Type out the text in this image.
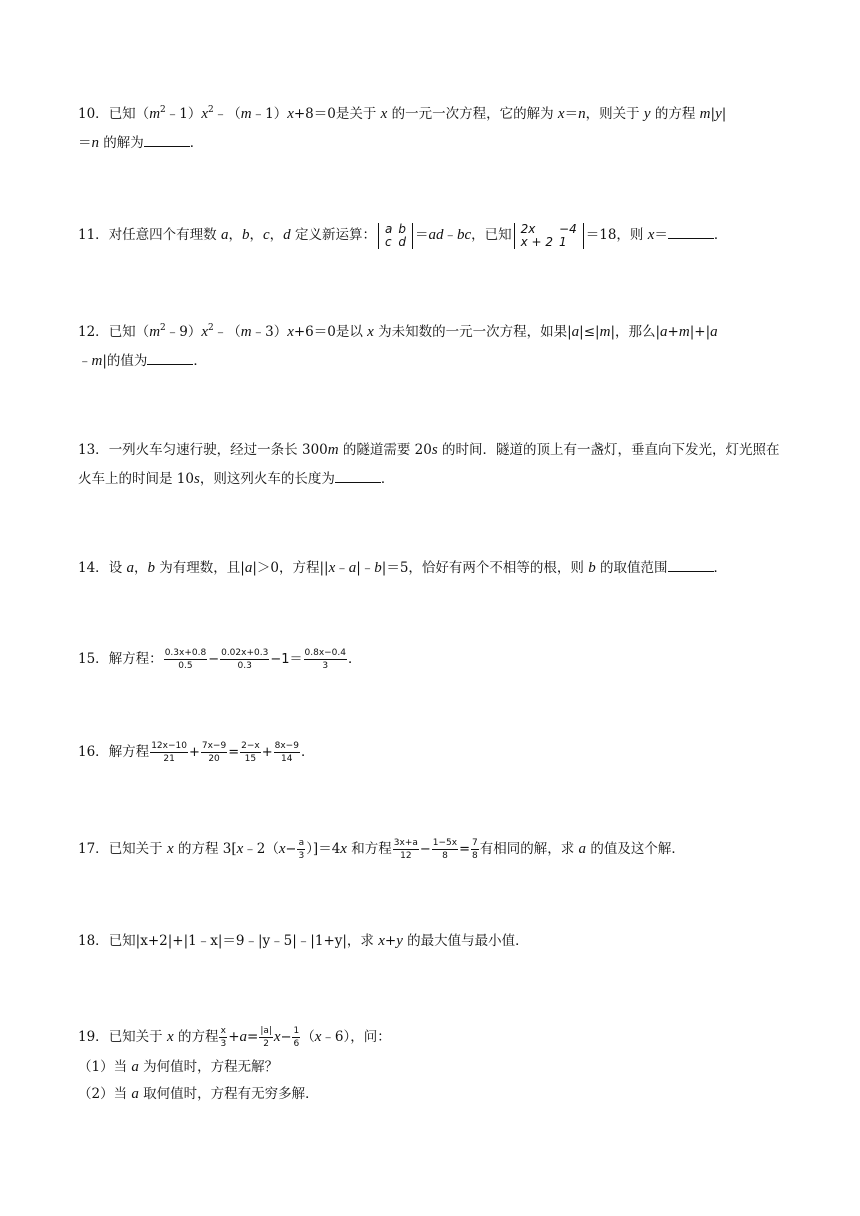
10．已知$(m^2﹣1)x^2﹣(m﹣1)x+8=0$是关于 x 的一元一次方程，它的解为 x＝n，则关于 y 的方程 m|y|
＝n 的解为	．
11．对任意四个有理数 a，b，c，d 定义新运算： a	b
c	d ＝ad﹣bc，已知 2x	−4
x + 2	1 ＝18，则 x＝	．
12．已知$(m^2﹣9)x^2﹣(m﹣3)x+6=0$是以 x 为未知数的一元一次方程，如果|a|≤|m|，那么|a+m|+|a
﹣m|的值为	．
13．一列火车匀速行驶，经过一条长 300m 的隧道需要 20s 的时间．隧道的顶上有一盏灯，垂直向下发光，灯光照在火车上的时间是 10s，则这列火车的长度为	．
14．设 a，b 为有理数，且|a|＞0，方程||x﹣a|﹣b|＝5，恰好有两个不相等的根，则 b 的取值范围	．
15．解方程： $\frac{0.3x+0.8}{0.5} - \frac{0.02x+0.3}{0.3} -1= \frac{0.8x-0.4}{3}$ ．
16．解方程 $\frac{12x-10}{21} + \frac{7x-9}{20} = \frac{2-x}{15} + \frac{8x-9}{14}$ ．
17．已知关于 x 的方程 3[x﹣2（x− $\frac{a}{3} )]=4x$ 和方程 $\frac{3x+a}{12} - \frac{1-5x}{8} = \frac{7}{8}$ 有相同的解，求 a 的值及这个解．
18．已知|x+2|+|1﹣x|＝9﹣|y﹣5|﹣|1+y|，求 x+y 的最大值与最小值．
19．已知关于 x 的方程 $\frac{x}{3} +a= \frac{|a|}{2} x- \frac{1}{6}$ （x﹣6），问：
（1）当 a 为何值时，方程无解？
（2）当 a 取何值时，方程有无穷多解．
